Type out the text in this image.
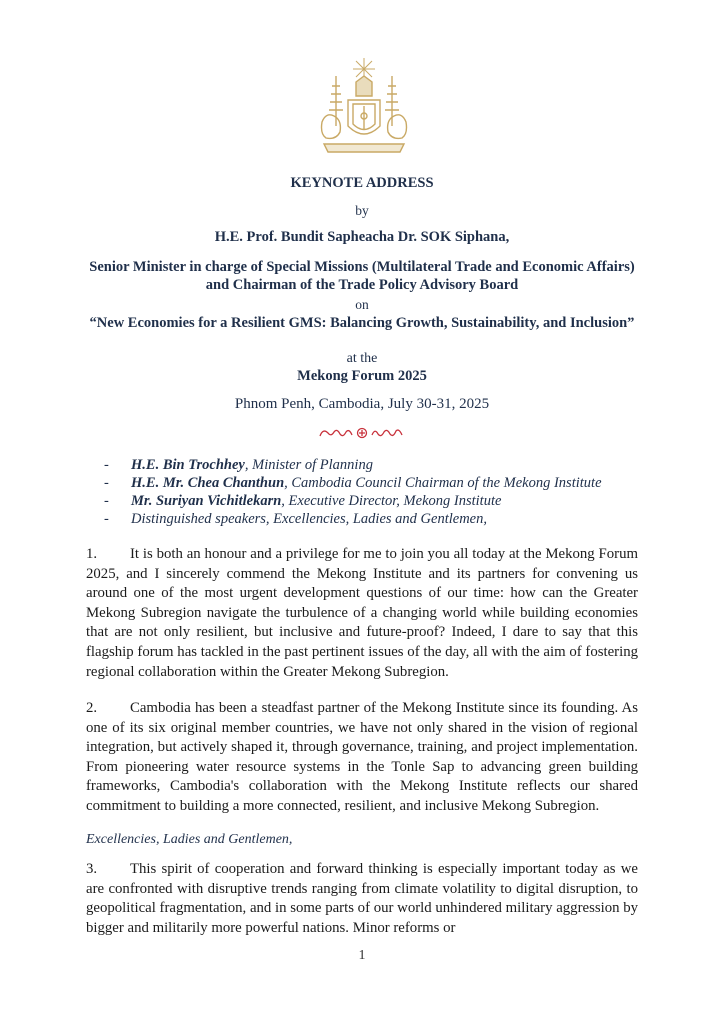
KEYNOTE ADDRESS
by
H.E. Prof. Bundit Sapheacha Dr. SOK Siphana,
Senior Minister in charge of Special Missions (Multilateral Trade and Economic Affairs) and Chairman of the Trade Policy Advisory Board
on
“New Economies for a Resilient GMS: Balancing Growth, Sustainability, and Inclusion”
at the
Mekong Forum 2025
Phnom Penh, Cambodia, July 30-31, 2025
- H.E. Bin Trochhey, Minister of Planning
- H.E. Mr. Chea Chanthun, Cambodia Council Chairman of the Mekong Institute
- Mr. Suriyan Vichitlekarn, Executive Director, Mekong Institute
- Distinguished speakers, Excellencies, Ladies and Gentlemen,

1. It is both an honour and a privilege for me to join you all today at the Mekong Forum 2025, and I sincerely commend the Mekong Institute and its partners for convening us around one of the most urgent development questions of our time: how can the Greater Mekong Subregion navigate the turbulence of a changing world while building economies that are not only resilient, but inclusive and future-proof? Indeed, I dare to say that this flagship forum has tackled in the past pertinent issues of the day, all with the aim of fostering regional collaboration within the Greater Mekong Subregion.

2. Cambodia has been a steadfast partner of the Mekong Institute since its founding. As one of its six original member countries, we have not only shared in the vision of regional integration, but actively shaped it, through governance, training, and project implementation. From pioneering water resource systems in the Tonle Sap to advancing green building frameworks, Cambodia's collaboration with the Mekong Institute reflects our shared commitment to building a more connected, resilient, and inclusive Mekong Subregion.

Excellencies, Ladies and Gentlemen,

3. This spirit of cooperation and forward thinking is especially important today as we are confronted with disruptive trends ranging from climate volatility to digital disruption, to geopolitical fragmentation, and in some parts of our world unhindered military aggression by bigger and militarily more powerful nations. Minor reforms or

1
